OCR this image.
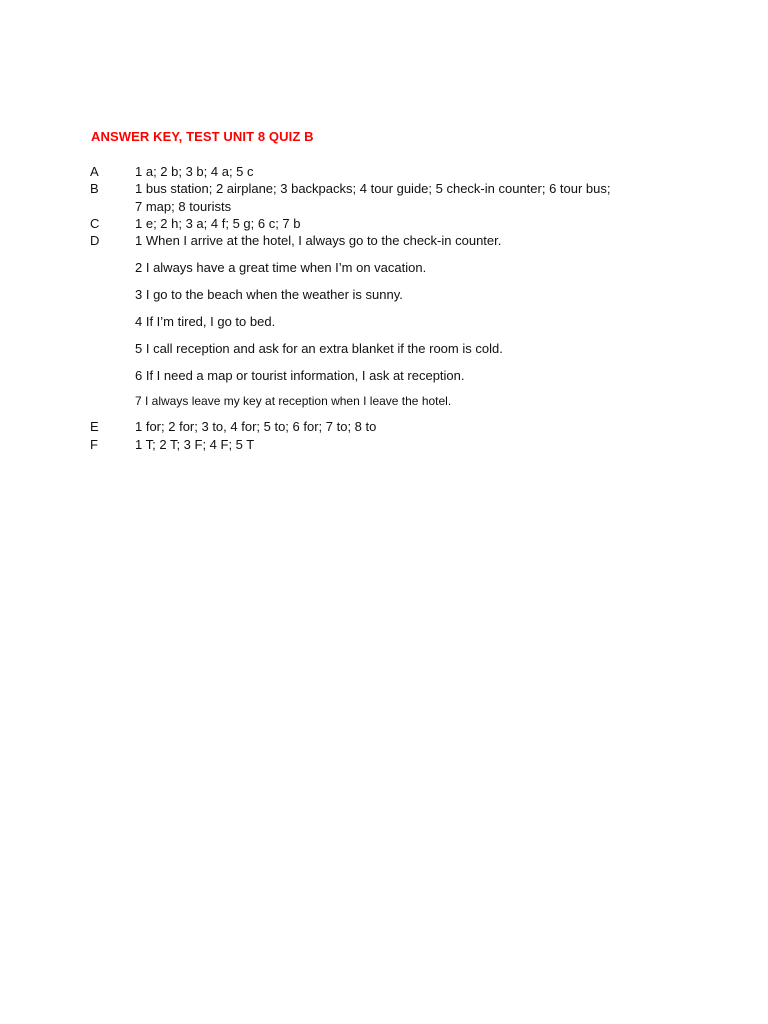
ANSWER KEY, TEST UNIT 8 QUIZ B
A	1 a; 2 b; 3 b; 4 a; 5 c
B	1 bus station; 2 airplane; 3 backpacks; 4 tour guide; 5 check-in counter; 6 tour bus;
7 map; 8 tourists
C	1 e; 2 h; 3 a; 4 f; 5 g; 6 c; 7 b
D	1 When I arrive at the hotel, I always go to the check-in counter.
2 I always have a great time when I’m on vacation.
3 I go to the beach when the weather is sunny.
4 If I’m tired, I go to bed.
5 I call reception and ask for an extra blanket if the room is cold.
6 If I need a map or tourist information, I ask at reception.
7 I always leave my key at reception when I leave the hotel.
E	1 for; 2 for; 3 to, 4 for; 5 to; 6 for; 7 to; 8 to
F	1 T; 2 T; 3 F; 4 F; 5 T
